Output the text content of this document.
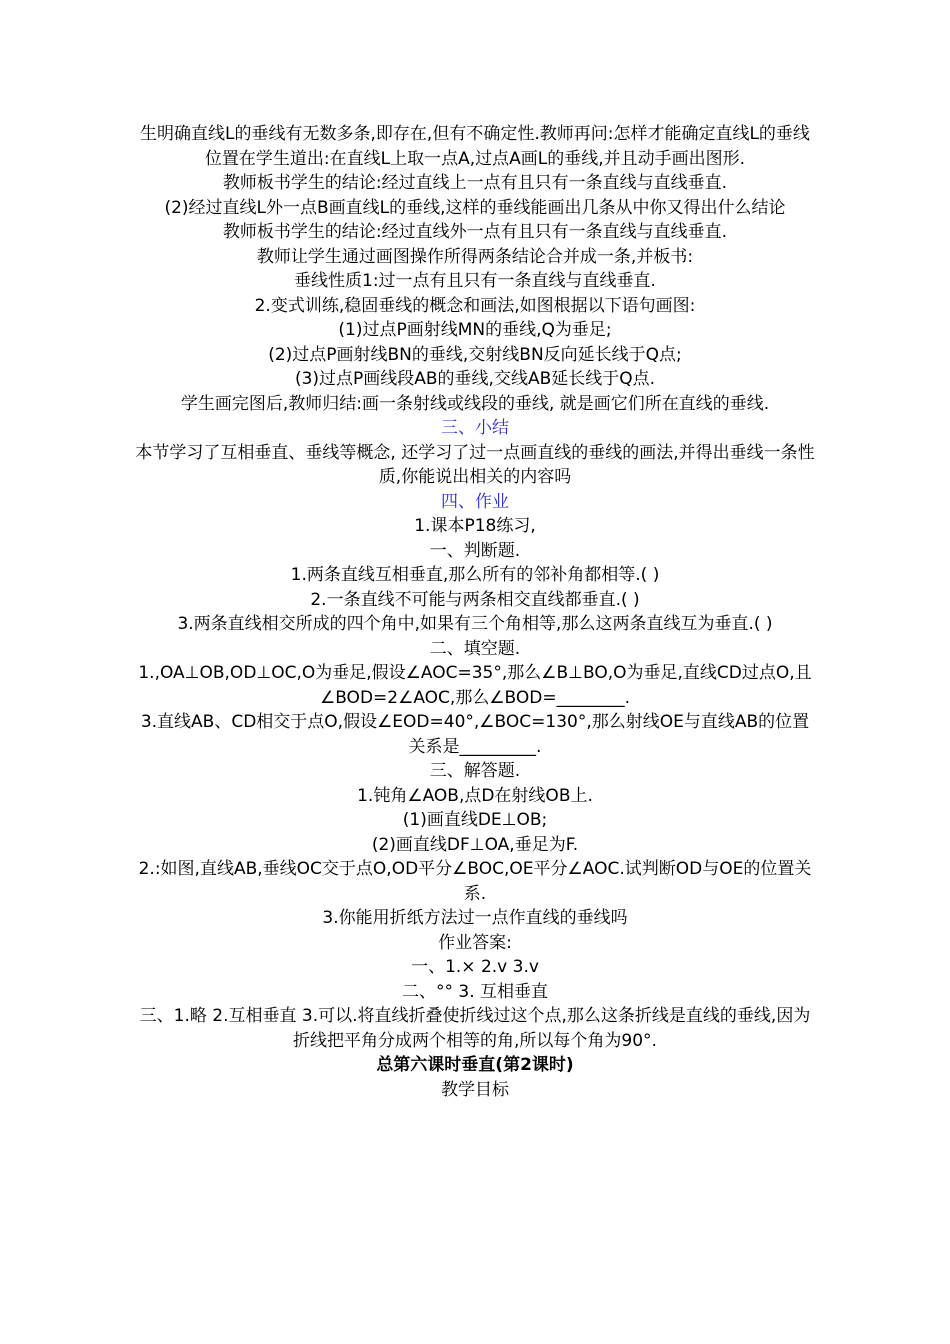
生明确直线L的垂线有无数多条,即存在,但有不确定性.教师再问:怎样才能确定直线L的垂线位置在学生道出:在直线L上取一点A,过点A画L的垂线,并且动手画出图形.

教师板书学生的结论:经过直线上一点有且只有一条直线与直线垂直.

(2)经过直线L外一点B画直线L的垂线,这样的垂线能画出几条从中你又得出什么结论

教师板书学生的结论:经过直线外一点有且只有一条直线与直线垂直.

教师让学生通过画图操作所得两条结论合并成一条,并板书:

垂线性质1:过一点有且只有一条直线与直线垂直.

2.变式训练,稳固垂线的概念和画法,如图根据以下语句画图:

(1)过点P画射线MN的垂线,Q为垂足;

(2)过点P画射线BN的垂线,交射线BN反向延长线于Q点;

(3)过点P画线段AB的垂线,交线AB延长线于Q点.

学生画完图后,教师归结:画一条射线或线段的垂线, 就是画它们所在直线的垂线.

三、小结

本节学习了互相垂直、垂线等概念, 还学习了过一点画直线的垂线的画法,并得出垂线一条性质,你能说出相关的内容吗

四、作业

1.课本P18练习,

一、判断题.

1.两条直线互相垂直,那么所有的邻补角都相等.( )

2.一条直线不可能与两条相交直线都垂直.( )

3.两条直线相交所成的四个角中,如果有三个角相等,那么这两条直线互为垂直.( )

二、填空题.

1.,OA⊥OB,OD⊥OC,O为垂足,假设∠AOC=35°,那么∠B⊥BO,O为垂足,直线CD过点O,且∠BOD=2∠AOC,那么∠BOD=________.

3.直线AB、CD相交于点O,假设∠EOD=40°,∠BOC=130°,那么射线OE与直线AB的位置关系是_________.

三、解答题.

1.钝角∠AOB,点D在射线OB上.

(1)画直线DE⊥OB;

(2)画直线DF⊥OA,垂足为F.

2.:如图,直线AB,垂线OC交于点O,OD平分∠BOC,OE平分∠AOC.试判断OD与OE的位置关系.

3.你能用折纸方法过一点作直线的垂线吗

作业答案:

一、1.× 2.v 3.v

二、°° 3. 互相垂直

三、1.略 2.互相垂直 3.可以.将直线折叠使折线过这个点,那么这条折线是直线的垂线,因为折线把平角分成两个相等的角,所以每个角为90°.

总第六课时垂直(第2课时)

教学目标
